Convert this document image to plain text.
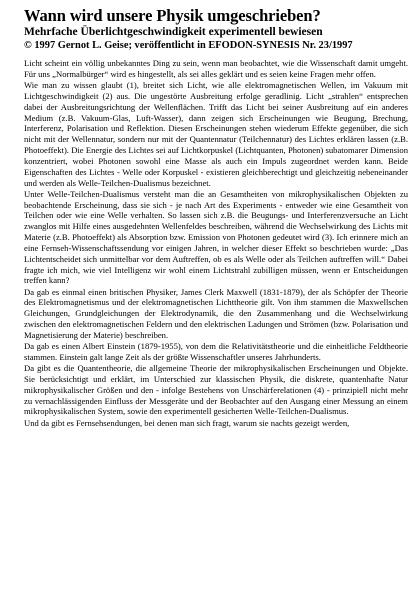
Wann wird unsere Physik umgeschrieben?
Mehrfache Überlichtgeschwindigkeit experimentell bewiesen
© 1997 Gernot L. Geise; veröffentlicht in EFODON-SYNESIS Nr. 23/1997

Licht scheint ein völlig unbekanntes Ding zu sein, wenn man beobachtet, wie die Wissenschaft damit umgeht. Für uns „Normalbürger“ wird es hingestellt, als sei alles geklärt und es seien keine Fragen mehr offen.

Wie man zu wissen glaubt (1), breitet sich Licht, wie alle elektromagnetischen Wellen, im Vakuum mit Lichtgeschwindigkeit (2) aus. Die ungestörte Ausbreitung erfolge geradlinig. Licht „strahlen“ entsprechen dabei der Ausbreitungsrichtung der Wellenflächen. Trifft das Licht bei seiner Ausbreitung auf ein anderes Medium (z.B. Vakuum-Glas, Luft-Wasser), dann zeigen sich Erscheinungen wie Beugung, Brechung, Interferenz, Polarisation und Reflektion. Diesen Erscheinungen stehen wiederum Effekte gegenüber, die sich nicht mit der Wellennatur, sondern nur mit der Quantennatur (Teilchennatur) des Lichtes erklären lassen (z.B. Photoeffekt). Die Energie des Lichtes sei auf Lichtkorpuskel (Lichtquanten, Photonen) subatomarer Dimension konzentriert, wobei Photonen sowohl eine Masse als auch ein Impuls zugeordnet werden kann. Beide Eigenschaften des Lichtes - Welle oder Korpuskel - existieren gleichberechtigt und gleichzeitig nebeneinander und werden als Welle-Teilchen-Dualismus bezeichnet.

Unter Welle-Teilchen-Dualismus versteht man die an Gesamtheiten von mikrophysikalischen Objekten zu beobachtende Erscheinung, dass sie sich - je nach Art des Experiments - entweder wie eine Gesamtheit von Teilchen oder wie eine Welle verhalten. So lassen sich z.B. die Beugungs- und Interferenzversuche an Licht zwanglos mit Hilfe eines ausgedehnten Wellenfeldes beschreiben, während die Wechselwirkung des Lichts mit Materie (z.B. Photoeffekt) als Absorption bzw. Emission von Photonen gedeutet wird (3). Ich erinnere mich an eine Fernseh-Wissenschaftssendung vor einigen Jahren, in welcher dieser Effekt so beschrieben wurde: „Das Lichtentscheidet sich unmittelbar vor dem Auftreffen, ob es als Welle oder als Teilchen auftreffen will.“ Dabei fragte ich mich, wie viel Intelligenz wir wohl einem Lichtstrahl zubilligen müssen, wenn er Entscheidungen treffen kann?

Da gab es einmal einen britischen Physiker, James Clerk Maxwell (1831-1879), der als Schöpfer der Theorie des Elektromagnetismus und der elektromagnetischen Lichttheorie gilt. Von ihm stammen die Maxwellschen Gleichungen, Grundgleichungen der Elektrodynamik, die den Zusammenhang und die Wechselwirkung zwischen den elektromagnetischen Feldern und den elektrischen Ladungen und Strömen (bzw. Polarisation und Magnetisierung der Materie) beschreiben.

Da gab es einen Albert Einstein (1879-1955), von dem die Relativitätstheorie und die einheitliche Feldtheorie stammen. Einstein galt lange Zeit als der größte Wissenschaftler unseres Jahrhunderts.

Da gibt es die Quantentheorie, die allgemeine Theorie der mikrophysikalischen Erscheinungen und Objekte. Sie berücksichtigt und erklärt, im Unterschied zur klassischen Physik, die diskrete, quantenhafte Natur mikrophysikalischer Größen und den - infolge Bestehens von Unschärferelationen (4) - prinzipiell nicht mehr zu vernachlässigenden Einfluss der Messgeräte und der Beobachter auf den Ausgang einer Messung an einem mikrophysikalischen System, sowie den experimentell gesicherten Welle-Teilchen-Dualismus.

Und da gibt es Fernsehsendungen, bei denen man sich fragt, warum sie nachts gezeigt werden,
